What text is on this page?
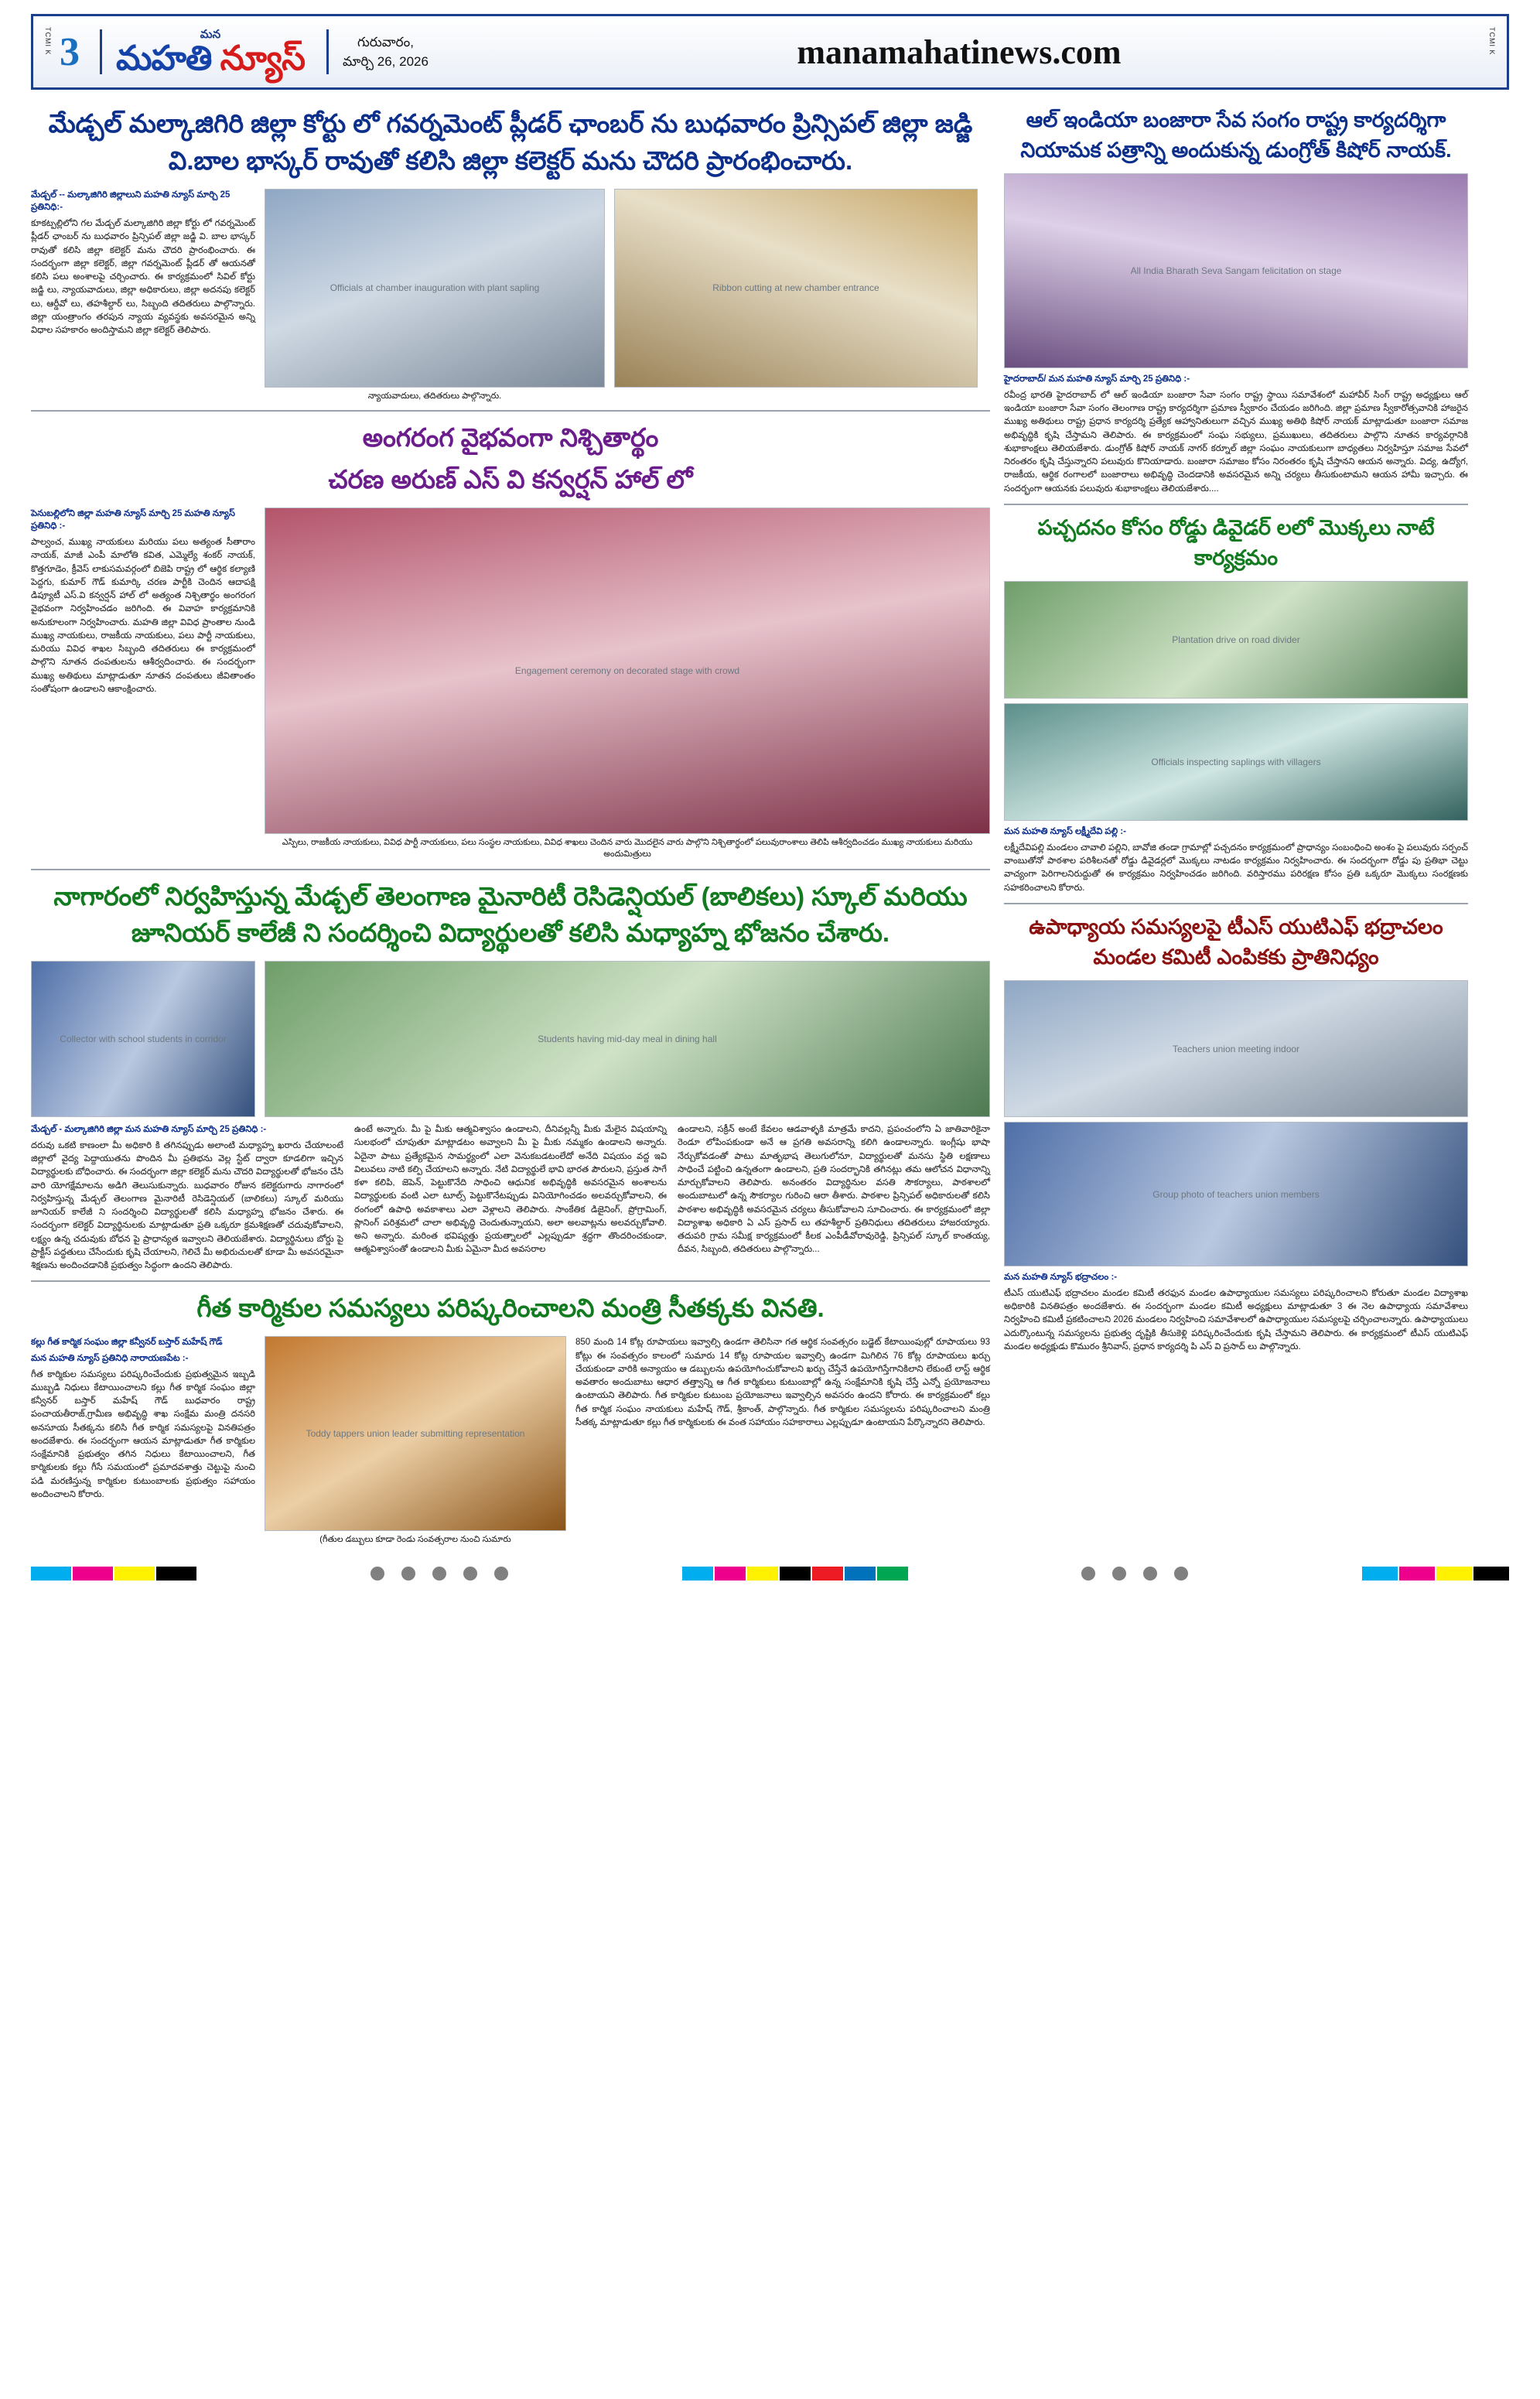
TCMI K 3	మన
మహతి న్యూస్	గురువారం,
మార్చి 26, 2026	manamahatinews.com	TCMI K
మేడ్చల్ మల్కాజిగిరి జిల్లా కోర్టు లో గవర్నమెంట్ ప్లీడర్ ఛాంబర్ ను బుధవారం ప్రిన్సిపల్ జిల్లా జడ్జి వి.బాల భాస్కర్ రావుతో కలిసి జిల్లా కలెక్టర్ మను చౌదరి ప్రారంభించారు.
మేడ్చల్ -- మల్కాజిగిరి జిల్లాలుని మహతి న్యూస్ మార్చి 25 ప్రతినిధి:-
కూకట్పల్లిలోని గల మేడ్చల్ మల్కాజిగిరి జిల్లా కోర్టు లో గవర్నమెంట్ ప్లీడర్ ఛాంబర్ ను బుధవారం ప్రిన్సిపల్ జిల్లా జడ్జి వి. బాల భాస్కర్ రావుతో కలిసి జిల్లా కలెక్టర్ మను చౌదరి ప్రారంభించారు. ఈ సందర్భంగా జిల్లా కలెక్టర్, జిల్లా గవర్నమెంట్ ప్లీడర్ తో ఆయనతో కలిసి పలు అంశాలపై చర్చించారు. ఈ కార్యక్రమంలో సివిల్ కోర్టు జడ్జి లు, న్యాయవాదులు, జిల్లా అధికారులు, జిల్లా అదనపు కలెక్టర్ లు, ఆర్డీవో లు, తహశీల్దార్ లు, సిబ్బంది తదితరులు పాల్గొన్నారు. జిల్లా యంత్రాంగం తరపున న్యాయ వ్యవస్థకు అవసరమైన అన్ని విధాల సహకారం అందిస్తామని జిల్లా కలెక్టర్ తెలిపారు.
Officials at chamber inauguration with plant sapling
న్యాయవాదులు, తదితరులు పాల్గొన్నారు.
Ribbon cutting at new chamber entrance
అంగరంగ వైభవంగా నిశ్చితార్థం
చరణ అరుణ్ ఎస్ వి కన్వర్షన్ హాల్ లో
పెనుబల్లిలోని జిల్లా మహతి న్యూస్ మార్చి 25 మహతి న్యూస్ ప్రతినిధి :-
పాల్వంచ, ముఖ్య నాయకులు మరియు పలు అత్యంత సీతారాం నాయక్, మాజీ ఎంపీ మాలోతి కవిత, ఎమ్మెల్యే శంకర్ నాయక్, కొత్తగూడెం, క్రీవెస్ లాకుసమవర్గంలో బిజెపి రాష్ట్ర లో ఆర్థిక కల్యాణి పెద్దగు, కుమార్ గౌడ్ కుమార్కి చరణ పార్టీకి చెందిన ఆదాపక్షి డిప్యూటీ ఎస్.వి కన్వర్షన్ హాల్ లో అత్యంత నిశ్చితార్థం అంగరంగ వైభవంగా నిర్వహించడం జరిగింది. ఈ వివాహ కార్యక్రమానికి అనుకూలంగా నిర్వహించారు. మహతి జిల్లా వివిధ ప్రాంతాల నుండి ముఖ్య నాయకులు, రాజకీయ నాయకులు, పలు పార్టీ నాయకులు, మరియు వివిధ శాఖల సిబ్బంది తదితరులు ఈ కార్యక్రమంలో పాల్గొని నూతన దంపతులను ఆశీర్వదించారు. ఈ సందర్భంగా ముఖ్య అతిథులు మాట్లాడుతూ నూతన దంపతులు జీవితాంతం సంతోషంగా ఉండాలని ఆకాంక్షించారు.
Engagement ceremony on decorated stage with crowd
ఎస్పిలు, రాజకీయ నాయకులు, వివిధ పార్టీ నాయకులు, పలు సంస్థల నాయకులు, వివిధ శాఖలు చెందిన వారు మొదలైన వారు పాల్గొని నిశ్చితార్థంలో పలువురాంశాలు తెలిపి ఆశీర్వదించడం ముఖ్య నాయకులు మరియు అందుమిత్రులు
నాగారంలో నిర్వహిస్తున్న మేడ్చల్ తెలంగాణ మైనారిటీ రెసిడెన్షియల్ (బాలికలు) స్కూల్ మరియు జూనియర్ కాలేజీ ని సందర్శించి విద్యార్థులతో కలిసి మధ్యాహ్న భోజనం చేశారు.
Collector with school students in corridor	Students having mid-day meal in dining hall
మేడ్చల్ - మల్కాజిగిరి జిల్లా మన మహతి న్యూస్ మార్చి 25 ప్రతినిధి :-
దరువు ఒకటి కాణంలా మీ అధికారి కి తగినప్పుడు అలాంటి మధ్యాహ్న ఖరారు చేయాలంటే జిల్లాలో వైద్య పెద్దాయుతను పొందిన మీ ప్రతిభను వెల్ల స్టేట్ ద్వారా కూడలిగా ఇచ్చిన విద్యార్థులకు బోధించారు. ఈ సందర్భంగా జిల్లా కలెక్టర్ మను చౌదరి విద్యార్థులతో భోజనం చేసి వారి యోగక్షేమాలను అడిగి తెలుసుకున్నారు. బుధవారం రోజున కలెక్టరుగారు నాగారంలో నిర్వహిస్తున్న మేడ్చల్ తెలంగాణ మైనారిటీ రెసిడెన్షియల్ (బాలికలు) స్కూల్ మరియు జూనియర్ కాలేజీ ని సందర్శించి విద్యార్థులతో కలిసి మధ్యాహ్న భోజనం చేశారు. ఈ సందర్భంగా కలెక్టర్ విద్యార్థినులకు మాట్లాడుతూ ప్రతి ఒక్కరూ క్రమశిక్షణతో చదువుకోవాలని, లక్ష్యం ఉన్న చదువుకు బోధన పై ప్రాధాన్యత ఇవ్వాలని తెలియజేశారు. విద్యార్థినులు బోర్డు పై ప్రాక్టీస్ పద్ధతులు చేసేందుకు కృషి చేయాలని, గెలిచే మీ అభిరుచులతో కూడా మీ అవసరమైనా శిక్షణను అందించడానికి ప్రభుత్వం సిద్ధంగా ఉందని తెలిపారు.
ఉంటే అన్నారు. మీ పై మీకు ఆత్మవిశ్వాసం ఉండాలని, దీనివల్లన్నీ మీకు మేలైన విషయాన్ని సులభంలో చూపుతూ మాట్లాడటం అవ్వాలని మీ పై మీకు నమ్మకం ఉండాలని అన్నారు. ఏదైనా పాటు ప్రత్యేకమైన సామర్థ్యంలో ఎలా వెనుకబడటంలేదో అనేది విషయం వద్ద ఇవి విలువలు నాటి కల్పి చేయాలని అన్నారు. నేటి విద్యార్థులే భావి భారత పౌరులని, ప్రస్తుత సాగే కళా కలిపి, జెపెన్, పెట్టుకొనేది సాధించి ఆధునిక అభివృద్ధికి అవసరమైన అంశాలను విద్యార్థులకు వంటి ఎలా టూల్స్ పెట్టుకొనేటప్పుడు వినియోగించడం అలవర్చుకోవాలని, ఈ రంగంలో ఉపాధి అవకాశాలు ఎలా వెళ్లాలని తెలిపారు. సాంకేతిక డిజైనింగ్, ప్రోగ్రామింగ్, ప్లానింగ్ పరిశ్రమలో చాలా అభివృద్ధి చెందుతున్నాయని, అలా అలవాట్లను అలవర్చుకోవాలి. అని అన్నారు. మరింత భవిష్యత్తు ప్రయత్నాలలో ఎల్లప్పుడూ శ్రద్ధగా తొందరించకుండా, ఆత్మవిశ్వాసంతో ఉండాలని మీకు ఏమైనా మీద అవసరాల
ఉండాలని, సక్రీన్ అంటే కేవలం ఆడవాళ్ళకి మాత్రమే కాదని, ప్రపంచంలోని ఏ జాతివారికైనా రెండూ లోపింపకుండా అనే ఆ ప్రగతి అవసరాన్ని కలిగి ఉండాలన్నారు. ఇంగ్లీషు భాషా నేర్చుకోవడంతో పాటు మాతృభాష తెలుగులోనూ, విద్యార్థులతో మనసు స్థితి లక్షణాలు సాధించే పట్టించి ఉన్నతంగా ఉండాలని, ప్రతి సందర్భానికి తగినట్లు తమ ఆలోచన విధానాన్ని మార్చుకోవాలని తెలిపారు. అనంతరం విద్యార్థినుల వసతి సౌకర్యాలు, పాఠశాలలో అందుబాటులో ఉన్న సౌకర్యాల గురించి ఆరా తీశారు. పాఠశాల ప్రిన్సిపల్ అధికారులతో కలిసి పాఠశాల అభివృద్ధికి అవసరమైన చర్యలు తీసుకోవాలని సూచించారు. ఈ కార్యక్రమంలో జిల్లా విద్యాశాఖ అధికారి ఏ ఎస్ ప్రసాద్ లు తహశీల్దార్ ప్రతినిధులు తదితరులు హాజరయ్యారు. తదుపరి గ్రామ సమీక్ష కార్యక్రమంలో కీలక ఎంపీడీవోరావురెడ్డి, ప్రిన్సిపల్ స్కూల్ కాంతయ్య, దీవన, సిబ్బంది, తదితరులు పాల్గొన్నారు...
గీత కార్మికుల సమస్యలు పరిష్కరించాలని మంత్రి సీతక్కకు వినతి.
కల్లు గీత కార్మిక సంఘం జిల్లా కన్వీనర్ బస్తార్ మహేష్ గౌడ్
మన మహతి న్యూస్ ప్రతినిధి నారాయణపేట :-
గీత కార్మికుల సమస్యలు పరిష్కరించేందుకు ప్రభుత్వమైన ఇబ్బడి ముబ్బడి నిధులు కేటాయించాలని కల్లు గీత కార్మిక సంఘం జిల్లా కన్వీనర్ బస్తార్ మహేష్ గౌడ్ బుధవారం రాష్ట్ర పంచాయతీరాజ్,గ్రామీణ అభివృద్ధి శాఖ సంక్షేమ మంత్రి దనసరి అనసూయ సీతక్కను కలిసి గీత కార్మిక సమస్యలపై వినతిపత్రం అందజేశారు. ఈ సందర్భంగా ఆయన మాట్లాడుతూ గీత కార్మికుల సంక్షేమానికి ప్రభుత్వం తగిన నిధులు కేటాయించాలని, గీత కార్మికులకు కల్లు గీసే సమయంలో ప్రమాదవశాత్తు చెట్టుపై నుంచి పడి మరణిస్తున్న కార్మికుల కుటుంబాలకు ప్రభుత్వం సహాయం అందించాలని కోరారు.
Toddy tappers union leader submitting representation
(గీతుల డబ్బులు కూడా రెండు సంవత్సరాల నుంచి సుమారు
850 మంది 14 కోట్ల రూపాయలు ఇవ్వాల్సి ఉండగా తెలిసినా గత ఆర్థిక సంవత్సరం బడ్జెట్ కేటాయింపుల్లో రూపాయలు 93 కోట్లు ఈ సంవత్సరం కాలంలో సుమారు 14 కోట్ల రూపాయల ఇవ్వాల్సి ఉండగా మిగిలిన 76 కోట్ల రూపాయలు ఖర్చు చేయకుండా వారికి అన్యాయం ఆ డబ్బులను ఉపయోగించుకోవాలని ఖర్చు చేస్తేనే ఉపయోగిస్తేగానికిలాని లేకుంటే లాస్ట్ ఆర్థిక అవతారం అందుబాటు ఆధార తత్త్వాన్ని ఆ గీత కార్మికులు కుటుంబాల్లో ఉన్న సంక్షేమానికి కృషి చేస్తే ఎన్నో ప్రయోజనాలు ఉంటాయని తెలిపారు. గీత కార్మికుల కుటుంబ ప్రయోజనాలు ఇవ్వాల్సిన అవసరం ఉందని కోరారు. ఈ కార్యక్రమంలో కల్లు గీత కార్మిక సంఘం నాయకులు మహేష్ గౌడ్, శ్రీకాంత్, పాల్గొన్నారు. గీత కార్మికుల సమస్యలను పరిష్కరించాలని మంత్రి సీతక్క మాట్లాడుతూ కల్లు గీత కార్మికులకు ఈ వంత సహాయం సహకారాలు ఎల్లప్పుడూ ఉంటాయని పేర్కొన్నారని తెలిపారు.
ఆల్ ఇండియా బంజారా సేవ సంగం రాష్ట్ర కార్యదర్శిగా నియామక పత్రాన్ని అందుకున్న డుంగ్రోత్ కిషోర్ నాయక్.
All India Bharath Seva Sangam felicitation on stage
హైదరాబాద్/ మన మహతి న్యూస్ మార్చి 25 ప్రతినిధి :-
రవీంద్ర భారతి హైదరాబాద్ లో ఆల్ ఇండియా బంజారా సేవా సంగం రాష్ట్ర స్థాయి సమావేశంలో మహావీర్ సింగ్ రాష్ట్ర అధ్యక్షులు ఆల్ ఇండియా బంజారా సేవా సంగం తెలంగాణ రాష్ట్ర కార్యదర్శిగా ప్రమాణ స్వీకారం చేయడం జరిగింది. జిల్లా ప్రమాణ స్వీకారోత్సవానికి హాజరైన ముఖ్య అతిథులు రాష్ట్ర ప్రధాన కార్యదర్శి ప్రత్యేక ఆహ్వానితులుగా వచ్చిన ముఖ్య అతిథి కిషోర్ నాయక్ మాట్లాడుతూ బంజారా సమాజ అభివృద్ధికి కృషి చేస్తామని తెలిపారు. ఈ కార్యక్రమంలో సంఘ సభ్యులు, ప్రముఖులు, తదితరులు పాల్గొని నూతన కార్యవర్గానికి శుభాకాంక్షలు తెలియజేశారు. డుంగ్రోత్ కిషోర్ నాయక్ నాగర్ కర్నూల్ జిల్లా సంఘం నాయకులుగా బాధ్యతలు నిర్వహిస్తూ సమాజ సేవలో నిరంతరం కృషి చేస్తున్నారని పలువురు కొనియాడారు. బంజారా సమాజం కోసం నిరంతరం కృషి చేస్తానని ఆయన అన్నారు. విద్య, ఉద్యోగ, రాజకీయ, ఆర్థిక రంగాలలో బంజారాలు అభివృద్ధి చెందడానికి అవసరమైన అన్ని చర్యలు తీసుకుంటామని ఆయన హామీ ఇచ్చారు. ఈ సందర్భంగా ఆయనకు పలువురు శుభాకాంక్షలు తెలియజేశారు....
పచ్చదనం కోసం రోడ్డు డివైడర్ లలో మొక్కలు నాటే కార్యక్రమం
Plantation drive on road divider
Officials inspecting saplings with villagers
మన మహతి న్యూస్ లక్ష్మీదేవి పల్లి :-
లక్ష్మీదేవిపల్లి మండలం చావాలి పల్లిని, బావోజి తండా గ్రామాల్లో పచ్చదనం కార్యక్రమంలో ప్రాధాన్యం సంబంధించి అంశం పై పలువురు సర్పంచ్ వాంబుతోనో పాఠశాల పరిశీలనతో రోడ్డు డివైడర్లలో మొక్కలు నాటడం కార్యక్రమం నిర్వహించారు. ఈ సందర్భంగా రోడ్డు పు ప్రతిభా చెట్టు వాచ్యంగా పెరిగాలనిరుద్దుతో ఈ కార్యక్రమం నిర్వహించడం జరిగింది. వరిస్తారము పరిరక్షణ కోసం ప్రతి ఒక్కరూ మొక్కలు సంరక్షణకు సహకరించాలని కోరారు.
ఉపాధ్యాయ సమస్యలపై టీఎస్ యుటిఎఫ్ భద్రాచలం మండల కమిటీ ఎంపికకు ప్రాతినిధ్యం
Teachers union meeting indoor
Group photo of teachers union members
మన మహతి న్యూస్ భద్రాచలం :-
టీఎస్ యుటిఎఫ్ భద్రాచలం మండల కమిటీ తరఫున మండల ఉపాధ్యాయుల సమస్యలు పరిష్కరించాలని కోరుతూ మండల విద్యాశాఖ అధికారికి వినతిపత్రం అందజేశారు. ఈ సందర్భంగా మండల కమిటీ అధ్యక్షులు మాట్లాడుతూ 3 ఈ నెల ఉపాధ్యాయ సమావేశాలు నిర్వహించి కమిటీ ప్రకటించాలని 2026 మండలం నిర్వహించి సమావేశాలలో ఉపాధ్యాయుల సమస్యలపై చర్చించాలన్నారు. ఉపాధ్యాయులు ఎదుర్కొంటున్న సమస్యలను ప్రభుత్వ దృష్టికి తీసుకెళ్లి పరిష్కరించేందుకు కృషి చేస్తామని తెలిపారు. ఈ కార్యక్రమంలో టీఎస్ యుటిఎఫ్ మండల అధ్యక్షుడు కొమురం శ్రీనివాస్, ప్రధాన కార్యదర్శి పి ఎస్ వి ప్రసాద్ లు పాల్గొన్నారు.
